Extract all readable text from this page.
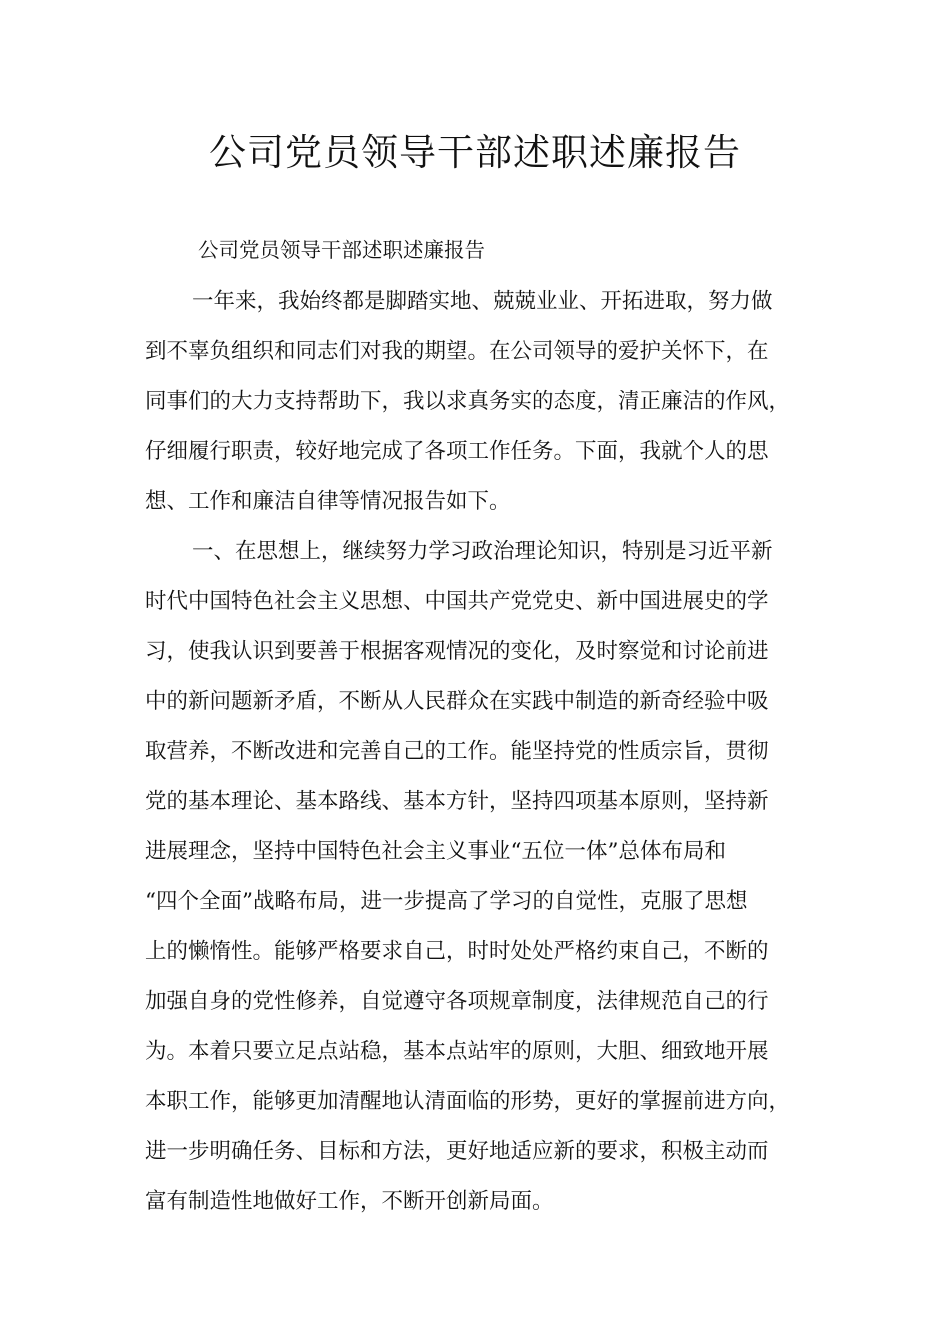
公司党员领导干部述职述廉报告

公司党员领导干部述职述廉报告

一年来，我始终都是脚踏实地、兢兢业业、开拓进取，努力做

到不辜负组织和同志们对我的期望。在公司领导的爱护关怀下，在

同事们的大力支持帮助下，我以求真务实的态度，清正廉洁的作风，

仔细履行职责，较好地完成了各项工作任务。下面，我就个人的思

想、工作和廉洁自律等情况报告如下。

一、在思想上，继续努力学习政治理论知识，特别是习近平新

时代中国特色社会主义思想、中国共产党党史、新中国进展史的学

习，使我认识到要善于根据客观情况的变化，及时察觉和讨论前进

中的新问题新矛盾，不断从人民群众在实践中制造的新奇经验中吸

取营养，不断改进和完善自己的工作。能坚持党的性质宗旨，贯彻

党的基本理论、基本路线、基本方针，坚持四项基本原则，坚持新

进展理念，坚持中国特色社会主义事业“五位一体”总体布局和

“四个全面”战略布局，进一步提高了学习的自觉性，克服了思想

上的懒惰性。能够严格要求自己，时时处处严格约束自己，不断的

加强自身的党性修养，自觉遵守各项规章制度，法律规范自己的行

为。本着只要立足点站稳，基本点站牢的原则，大胆、细致地开展

本职工作，能够更加清醒地认清面临的形势，更好的掌握前进方向，

进一步明确任务、目标和方法，更好地适应新的要求，积极主动而

富有制造性地做好工作，不断开创新局面。
